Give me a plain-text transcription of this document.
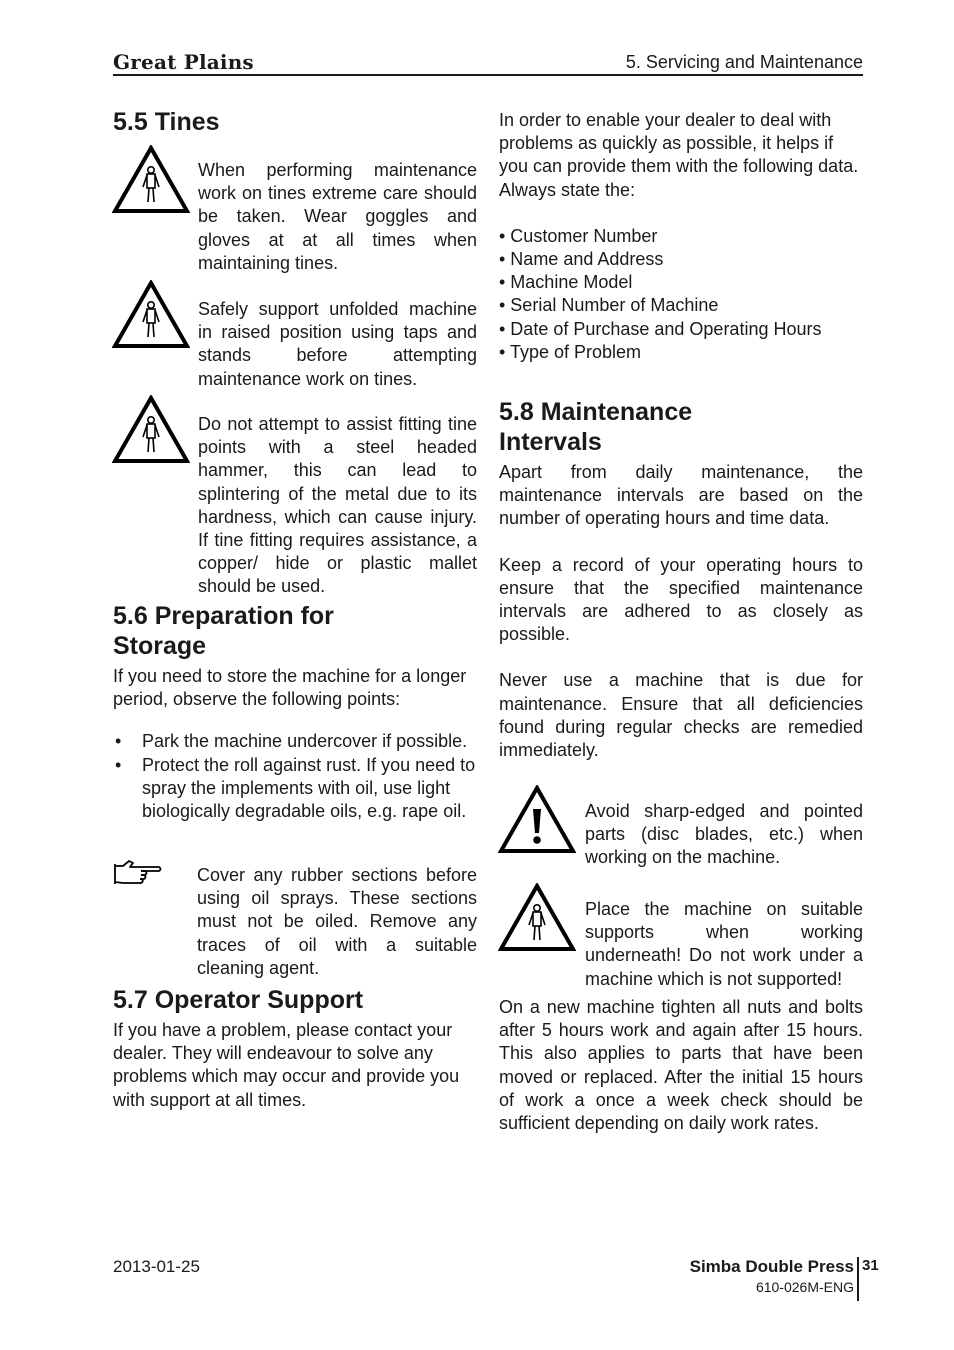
Great Plains	5. Servicing and Maintenance
5.5 Tines

When performing maintenance work on tines extreme care should be taken. Wear goggles and gloves at at all times when maintaining tines.

Safely support unfolded machine in raised position using taps and stands before attempting maintenance work on tines.

Do not attempt to assist fitting tine points with a steel headed hammer, this can lead to splintering of the metal due to its hardness, which can cause injury. If tine fitting requires assistance, a copper/ hide or plastic mallet should be used.

5.6 Preparation for
Storage

If you need to store the machine for a longer period, observe the following points:

• Park the machine undercover if possible.
• Protect the roll against rust. If you need to spray the implements with oil, use light biologically degradable oils, e.g. rape oil.

Cover any rubber sections before using oil sprays. These sections must not be oiled. Remove any traces of oil with a suitable cleaning agent.

5.7 Operator Support

If you have a problem, please contact your dealer. They will endeavour to solve any problems which may occur and provide you with support at all times.

In order to enable your dealer to deal with problems as quickly as possible, it helps if you can provide them with the following data. Always state the:

• Customer Number
• Name and Address
• Machine Model
• Serial Number of Machine
• Date of Purchase and Operating Hours
• Type of Problem
5.8 Maintenance
Intervals

Apart from daily maintenance, the maintenance intervals are based on the number of operating hours and time data.

Keep a record of your operating hours to ensure that the specified maintenance intervals are adhered to as closely as possible.

Never use a machine that is due for maintenance. Ensure that all deficiencies found during regular checks are remedied immediately.

Avoid sharp-edged and pointed parts (disc blades, etc.) when working on the machine.

Place the machine on suitable supports when working underneath! Do not work under a machine which is not supported!

On a new machine tighten all nuts and bolts after 5 hours work and again after 15 hours. This also applies to parts that have been moved or replaced. After the initial 15 hours of work a once a week check should be sufficient depending on daily work rates.

2013-01-25	Simba Double Press
610-026M-ENG
31
